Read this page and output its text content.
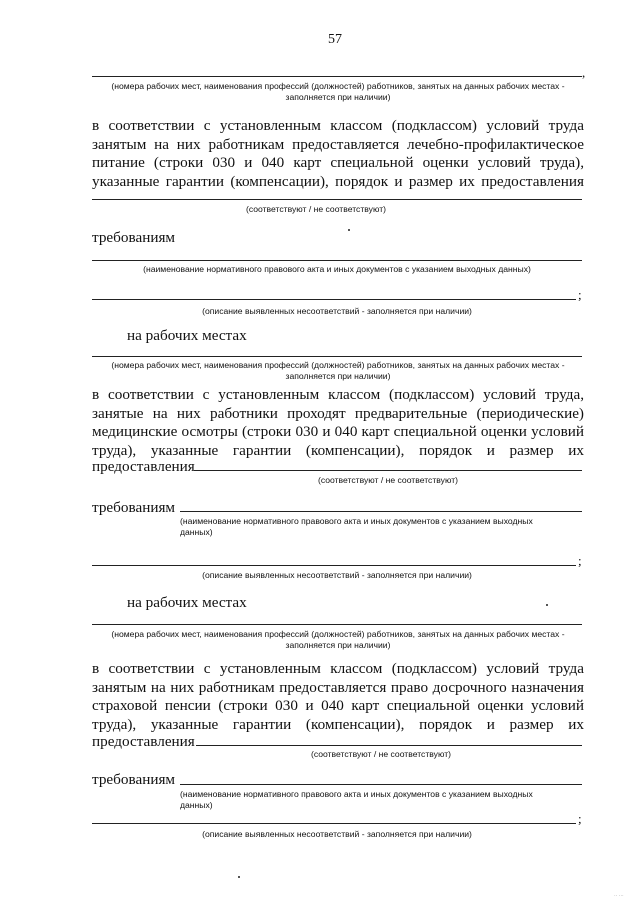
57
,
(номера рабочих мест, наименования профессий (должностей) работников, занятых на данных рабочих местах - заполняется при наличии)
в соответствии с установленным классом (подклассом) условий труда занятым на них работникам предоставляется лечебно-профилактическое питание (строки 030 и 040 карт специальной оценки условий труда), указанные гарантии (компенсации), порядок и размер их предоставления
(соответствуют / не соответствуют)
требованиям
(наименование нормативного правового акта и иных документов с указанием выходных данных)
;
(описание выявленных несоответствий - заполняется при наличии)
на рабочих местах
(номера рабочих мест, наименования профессий (должностей) работников, занятых на данных рабочих местах - заполняется при наличии)
в соответствии с установленным классом (подклассом) условий труда, занятые на них работники проходят предварительные (периодические) медицинские осмотры (строки 030 и 040 карт специальной оценки условий труда), указанные гарантии (компенсации), порядок и размер их
предоставления
(соответствуют / не соответствуют)
требованиям
(наименование нормативного правового акта и иных документов с указанием выходных данных)
;
(описание выявленных несоответствий - заполняется при наличии)
на рабочих местах
(номера рабочих мест, наименования профессий (должностей) работников, занятых на данных рабочих местах - заполняется при наличии)
в соответствии с установленным классом (подклассом) условий труда занятым на них работникам предоставляется право досрочного назначения страховой пенсии (строки 030 и 040 карт специальной оценки условий труда), указанные гарантии (компенсации), порядок и размер их
предоставления
(соответствуют / не соответствуют)
требованиям
(наименование нормативного правового акта и иных документов с указанием выходных данных)
;
(описание выявленных несоответствий - заполняется при наличии)
·· ···
